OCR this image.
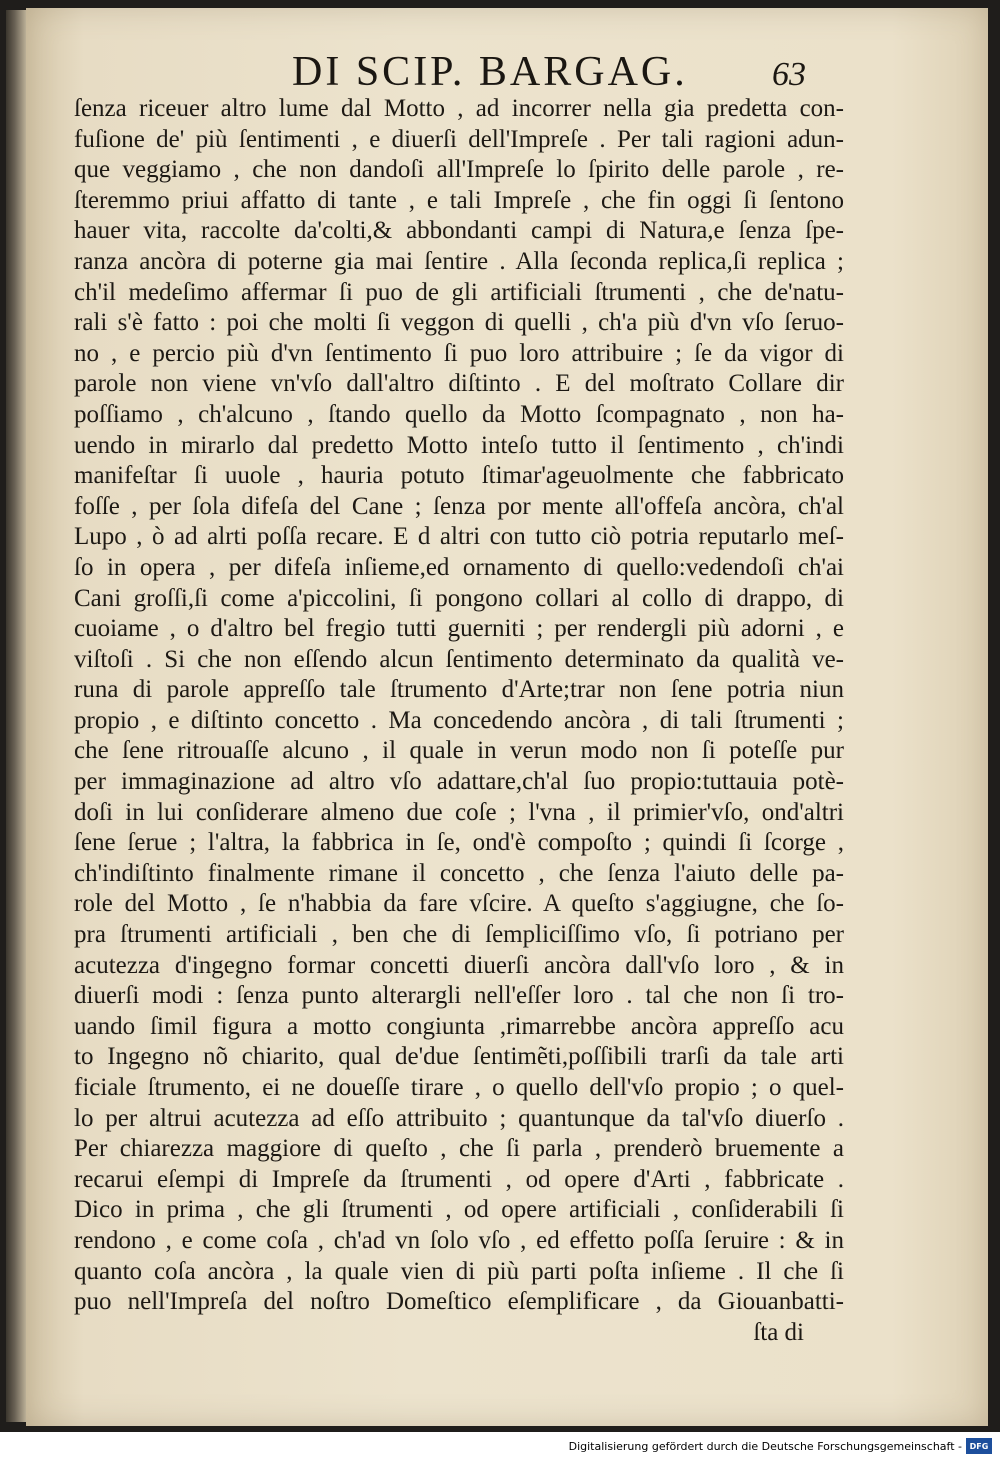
DI SCIP. BARGAG. 63
ſenza riceuer altro lume dal Motto , ad incorrer nella gia predetta con-
fuſione de' più ſentimenti , e diuerſi dell'Impreſe . Per tali ragioni adun-
que veggiamo , che non dandoſi all'Impreſe lo ſpirito delle parole , re-
ſteremmo priui affatto di tante , e tali Impreſe , che fin oggi ſi ſentono
hauer vita, raccolte da'colti,& abbondanti campi di Natura,e ſenza ſpe-
ranza ancòra di poterne gia mai ſentire . Alla ſeconda replica,ſi replica ;
ch'il medeſimo affermar ſi puo de gli artificiali ſtrumenti , che de'natu-
rali s'è fatto : poi che molti ſi veggon di quelli , ch'a più d'vn vſo ſeruo-
no , e percio più d'vn ſentimento ſi puo loro attribuire ; ſe da vigor di
parole non viene vn'vſo dall'altro diſtinto . E del moſtrato Collare dir
poſſiamo , ch'alcuno , ſtando quello da Motto ſcompagnato , non ha-
uendo in mirarlo dal predetto Motto inteſo tutto il ſentimento , ch'indi
manifeſtar ſi uuole , hauria potuto ſtimar'ageuolmente che fabbricato
foſſe , per ſola difeſa del Cane ; ſenza por mente all'offeſa ancòra, ch'al
Lupo , ò ad alrti poſſa recare. E d altri con tutto ciò potria reputarlo meſ-
ſo in opera , per difeſa inſieme,ed ornamento di quello:vedendoſi ch'ai
Cani groſſi,ſi come a'piccolini, ſi pongono collari al collo di drappo, di
cuoiame , o d'altro bel fregio tutti guerniti ; per rendergli più adorni , e
viſtoſi . Si che non eſſendo alcun ſentimento determinato da qualità ve-
runa di parole appreſſo tale ſtrumento d'Arte;trar non ſene potria niun
propio , e diſtinto concetto . Ma concedendo ancòra , di tali ſtrumenti ;
che ſene ritrouaſſe alcuno , il quale in verun modo non ſi poteſſe pur
per immaginazione ad altro vſo adattare,ch'al ſuo propio:tuttauia potè-
doſi in lui conſiderare almeno due coſe ; l'vna , il primier'vſo, ond'altri
ſene ſerue ; l'altra, la fabbrica in ſe, ond'è compoſto ; quindi ſi ſcorge ,
ch'indiſtinto finalmente rimane il concetto , che ſenza l'aiuto delle pa-
role del Motto , ſe n'habbia da fare vſcire. A queſto s'aggiugne, che ſo-
pra ſtrumenti artificiali , ben che di ſempliciſſimo vſo, ſi potriano per
acutezza d'ingegno formar concetti diuerſi ancòra dall'vſo loro , & in
diuerſi modi : ſenza punto alterargli nell'eſſer loro . tal che non ſi tro-
uando ſimil figura a motto congiunta ,rimarrebbe ancòra appreſſo acu
to Ingegno nõ chiarito, qual de'due ſentimẽti,poſſibili trarſi da tale arti
ficiale ſtrumento, ei ne doueſſe tirare , o quello dell'vſo propio ; o quel-
lo per altrui acutezza ad eſſo attribuito ; quantunque da tal'vſo diuerſo .
Per chiarezza maggiore di queſto , che ſi parla , prenderò bruemente a
recarui eſempi di Impreſe da ſtrumenti , od opere d'Arti , fabbricate .
Dico in prima , che gli ſtrumenti , od opere artificiali , conſiderabili ſi
rendono , e come coſa , ch'ad vn ſolo vſo , ed effetto poſſa ſeruire : & in
quanto coſa ancòra , la quale vien di più parti poſta inſieme . Il che ſi
puo nell'Impreſa del noſtro Domeſtico eſemplificare , da Giouanbatti-
ſta di
Digitalisierung gefördert durch die Deutsche Forschungsgemeinschaft - DFG
